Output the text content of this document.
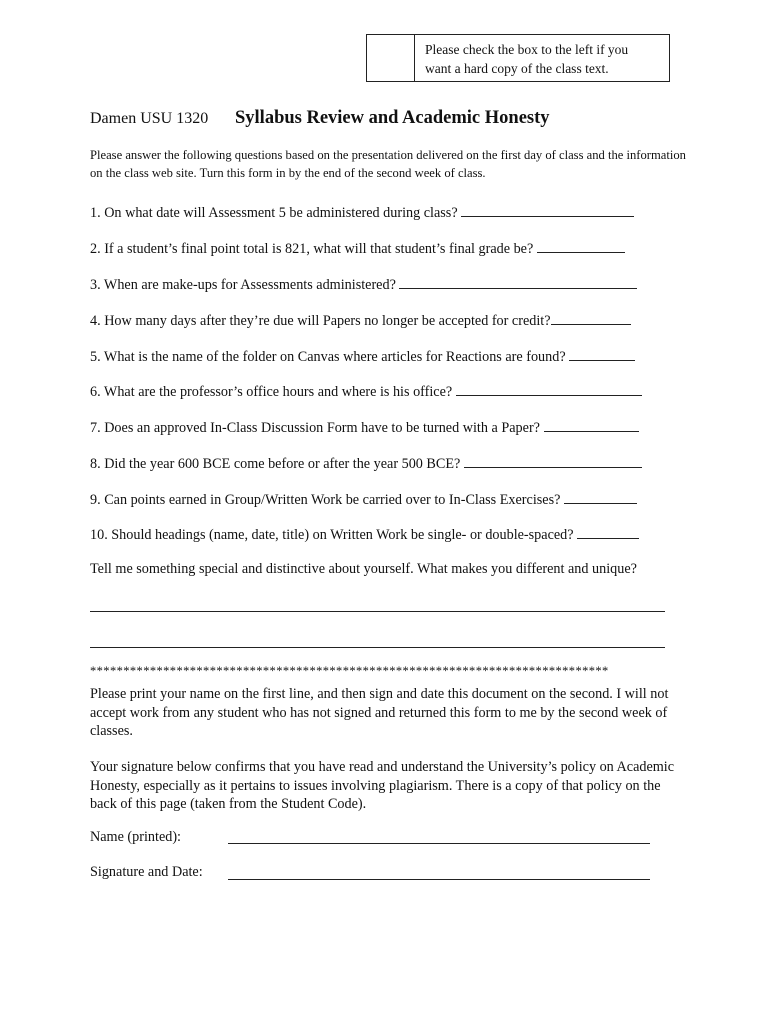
Please check the box to the left if you
want a hard copy of the class text.
Damen USU 1320 Syllabus Review and Academic Honesty
Please answer the following questions based on the presentation delivered on the first day of class and the information on the class web site. Turn this form in by the end of the second week of class.
1. On what date will Assessment 5 be administered during class?
2. If a student’s final point total is 821, what will that student’s final grade be?
3. When are make-ups for Assessments administered?
4. How many days after they’re due will Papers no longer be accepted for credit?
5. What is the name of the folder on Canvas where articles for Reactions are found?
6. What are the professor’s office hours and where is his office?
7. Does an approved In-Class Discussion Form have to be turned with a Paper?
8. Did the year 600 BCE come before or after the year 500 BCE?
9. Can points earned in Group/Written Work be carried over to In-Class Exercises?
10. Should headings (name, date, title) on Written Work be single- or double-spaced?
Tell me something special and distinctive about yourself. What makes you different and unique?
******************************************************************************
Please print your name on the first line, and then sign and date this document on the second. I will not accept work from any student who has not signed and returned this form to me by the second week of classes.
Your signature below confirms that you have read and understand the University’s policy on Academic Honesty, especially as it pertains to issues involving plagiarism. There is a copy of that policy on the back of this page (taken from the Student Code).
Name (printed):
Signature and Date:
